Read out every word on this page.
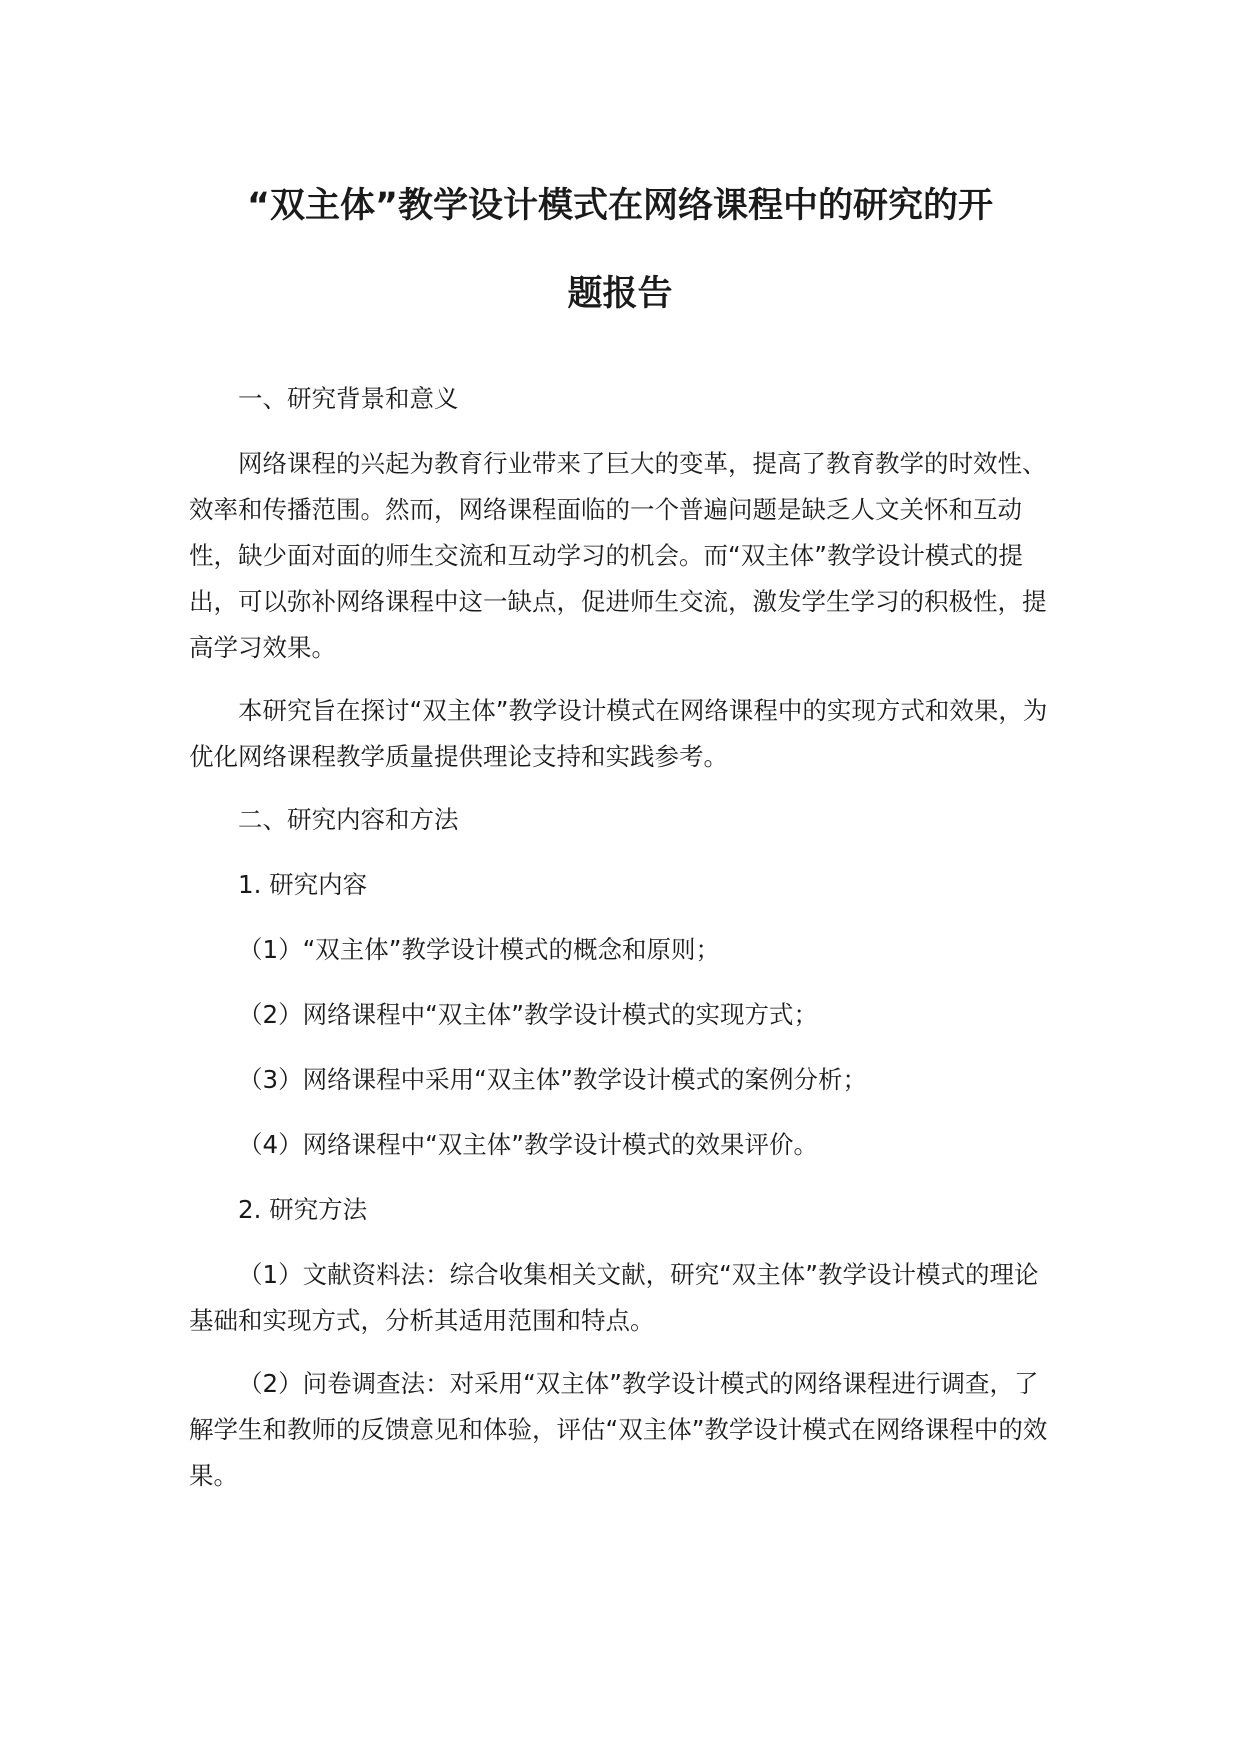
“双主体”教学设计模式在网络课程中的研究的开
题报告

一、研究背景和意义

网络课程的兴起为教育行业带来了巨大的变革，提高了教育教学的时效性、效率和传播范围。然而，网络课程面临的一个普遍问题是缺乏人文关怀和互动性，缺少面对面的师生交流和互动学习的机会。而“双主体”教学设计模式的提出，可以弥补网络课程中这一缺点，促进师生交流，激发学生学习的积极性，提高学习效果。

本研究旨在探讨“双主体”教学设计模式在网络课程中的实现方式和效果，为优化网络课程教学质量提供理论支持和实践参考。

二、研究内容和方法

1. 研究内容

（1）“双主体”教学设计模式的概念和原则；

（2）网络课程中“双主体”教学设计模式的实现方式；

（3）网络课程中采用“双主体”教学设计模式的案例分析；

（4）网络课程中“双主体”教学设计模式的效果评价。

2. 研究方法

（1）文献资料法：综合收集相关文献，研究“双主体”教学设计模式的理论基础和实现方式，分析其适用范围和特点。

（2）问卷调查法：对采用“双主体”教学设计模式的网络课程进行调查，了解学生和教师的反馈意见和体验，评估“双主体”教学设计模式在网络课程中的效果。
